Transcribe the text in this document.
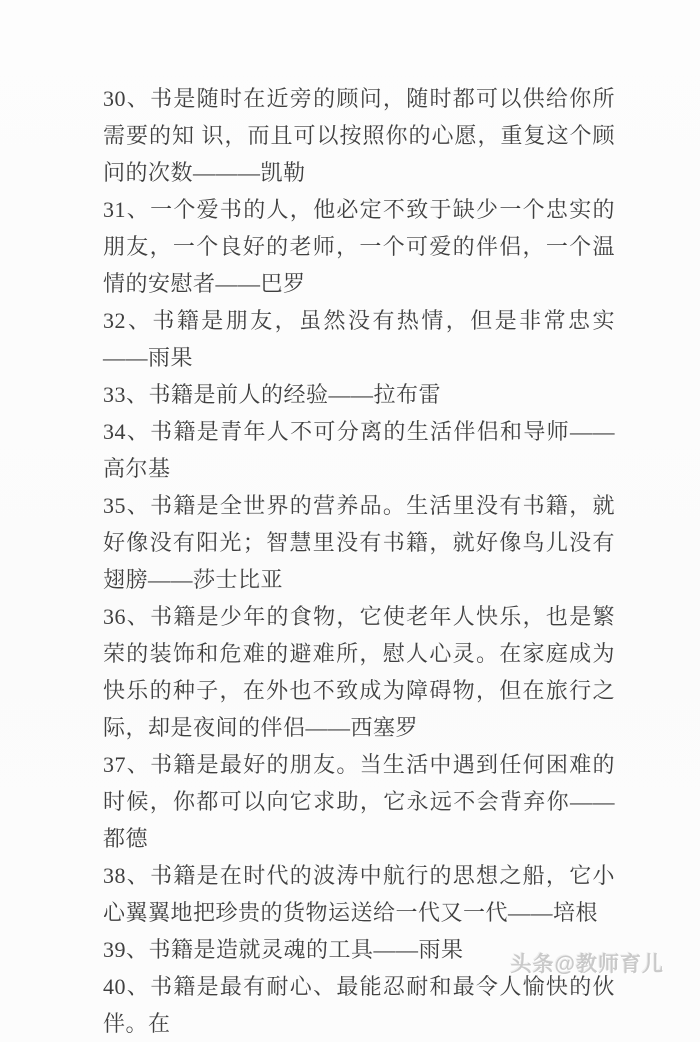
30、书是随时在近旁的顾问，随时都可以供给你所需要的知 识，而且可以按照你的心愿，重复这个顾问的次数———凯勒

31、一个爱书的人，他必定不致于缺少一个忠实的朋友，一个良好的老师，一个可爱的伴侣，一个温情的安慰者——巴罗

32、书籍是朋友，虽然没有热情，但是非常忠实——雨果

33、书籍是前人的经验——拉布雷

34、书籍是青年人不可分离的生活伴侣和导师——高尔基

35、书籍是全世界的营养品。生活里没有书籍，就好像没有阳光；智慧里没有书籍，就好像鸟儿没有翅膀——莎士比亚

36、书籍是少年的食物，它使老年人快乐，也是繁荣的装饰和危难的避难所，慰人心灵。在家庭成为快乐的种子，在外也不致成为障碍物，但在旅行之际，却是夜间的伴侣——西塞罗

37、书籍是最好的朋友。当生活中遇到任何困难的时候，你都可以向它求助，它永远不会背弃你——都德

38、书籍是在时代的波涛中航行的思想之船，它小心翼翼地把珍贵的货物运送给一代又一代——培根

39、书籍是造就灵魂的工具——雨果

40、书籍是最有耐心、最能忍耐和最令人愉快的伙伴。在

头条@教师育儿
